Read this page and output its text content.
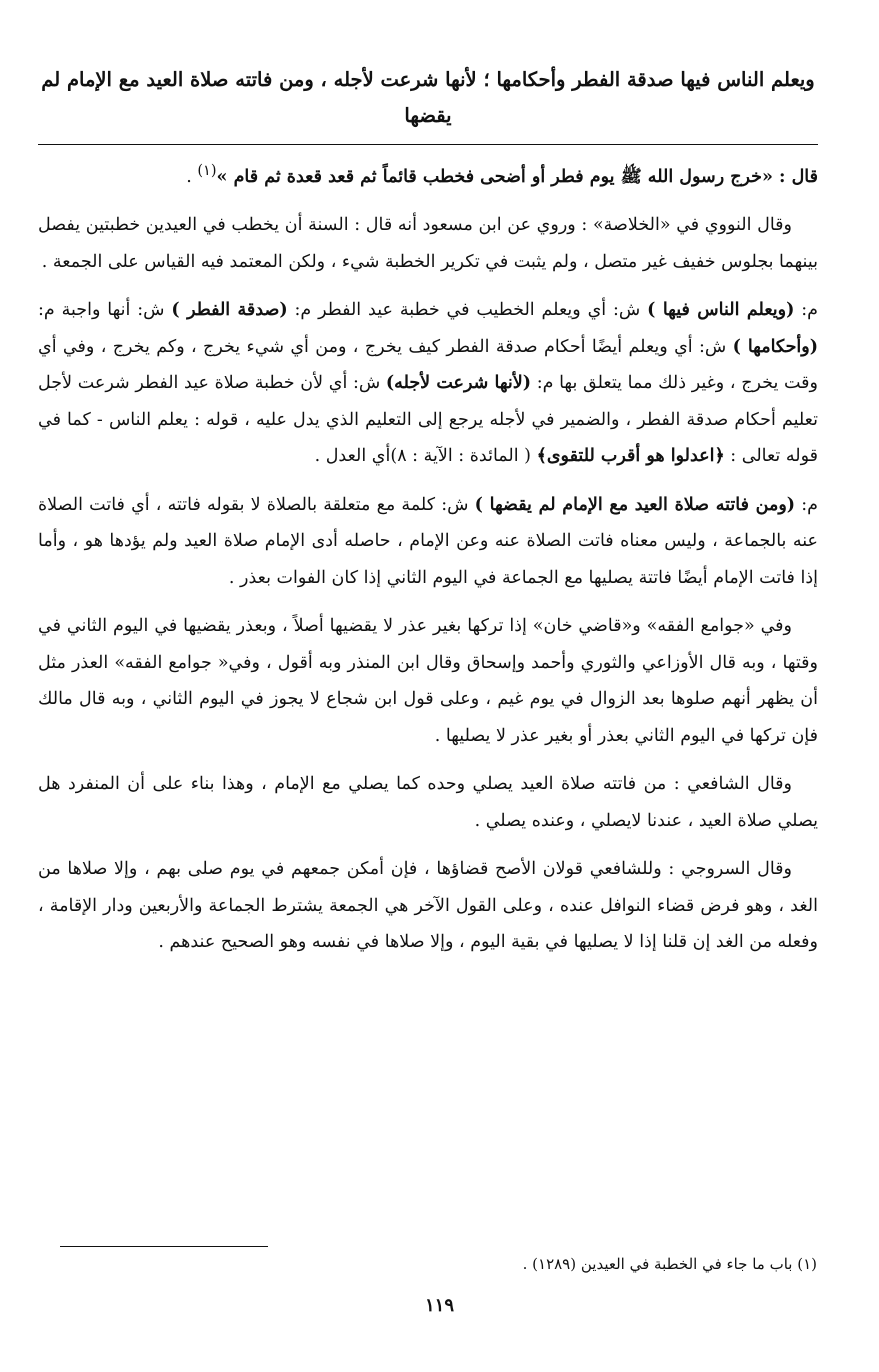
ويعلم الناس فيها صدقة الفطر وأحكامها ؛ لأنها شرعت لأجله ، ومن فاتته صلاة العيد مع الإمام لم يقضها

قال : «خرج رسول الله ﷺ يوم فطر أو أضحى فخطب قائماً ثم قعد قعدة ثم قام »$^{(١)}$ .

وقال النووي في «الخلاصة» : وروي عن ابن مسعود أنه قال : السنة أن يخطب في العيدين خطبتين يفصل بينهما بجلوس خفيف غير متصل ، ولم يثبت في تكرير الخطبة شيء ، ولكن المعتمد فيه القياس على الجمعة .

م: (ويعلم الناس فيها ) ش: أي ويعلم الخطيب في خطبة عيد الفطر م: (صدقة الفطر ) ش: أنها واجبة م: (وأحكامها ) ش: أي ويعلم أيضًا أحكام صدقة الفطر كيف يخرج ، ومن أي شيء يخرج ، وكم يخرج ، وفي أي وقت يخرج ، وغير ذلك مما يتعلق بها م: (لأنها شرعت لأجله) ش: أي لأن خطبة صلاة عيد الفطر شرعت لأجل تعليم أحكام صدقة الفطر ، والضمير في لأجله يرجع إلى التعليم الذي يدل عليه ، قوله : يعلم الناس - كما في قوله تعالى : ﴿اعدلوا هو أقرب للتقوى﴾ ( المائدة : الآية : ٨)أي العدل .

م: (ومن فاتته صلاة العيد مع الإمام لم يقضها ) ش: كلمة مع متعلقة بالصلاة لا بقوله فاتته ، أي فاتت الصلاة عنه بالجماعة ، وليس معناه فاتت الصلاة عنه وعن الإمام ، حاصله أدى الإمام صلاة العيد ولم يؤدها هو ، وأما إذا فاتت الإمام أيضًا فاتتة يصليها مع الجماعة في اليوم الثاني إذا كان الفوات بعذر .

وفي «جوامع الفقه» و«قاضي خان» إذا تركها بغير عذر لا يقضيها أصلاً ، وبعذر يقضيها في اليوم الثاني في وقتها ، وبه قال الأوزاعي والثوري وأحمد وإسحاق وقال ابن المنذر وبه أقول ، وفي« جوامع الفقه» العذر مثل أن يظهر أنهم صلوها بعد الزوال في يوم غيم ، وعلى قول ابن شجاع لا يجوز في اليوم الثاني ، وبه قال مالك فإن تركها في اليوم الثاني بعذر أو بغير عذر لا يصليها .

وقال الشافعي : من فاتته صلاة العيد يصلي وحده كما يصلي مع الإمام ، وهذا بناء على أن المنفرد هل يصلي صلاة العيد ، عندنا لايصلي ، وعنده يصلي .

وقال السروجي : وللشافعي قولان الأصح قضاؤها ، فإن أمكن جمعهم في يوم صلى بهم ، وإلا صلاها من الغد ، وهو فرض قضاء النوافل عنده ، وعلى القول الآخر هي الجمعة يشترط الجماعة والأربعين ودار الإقامة ، وفعله من الغد إن قلنا إذا لا يصليها في بقية اليوم ، وإلا صلاها في نفسه وهو الصحيح عندهم .

(١) باب ما جاء في الخطبة في العيدين (١٢٨٩) .

١١٩
